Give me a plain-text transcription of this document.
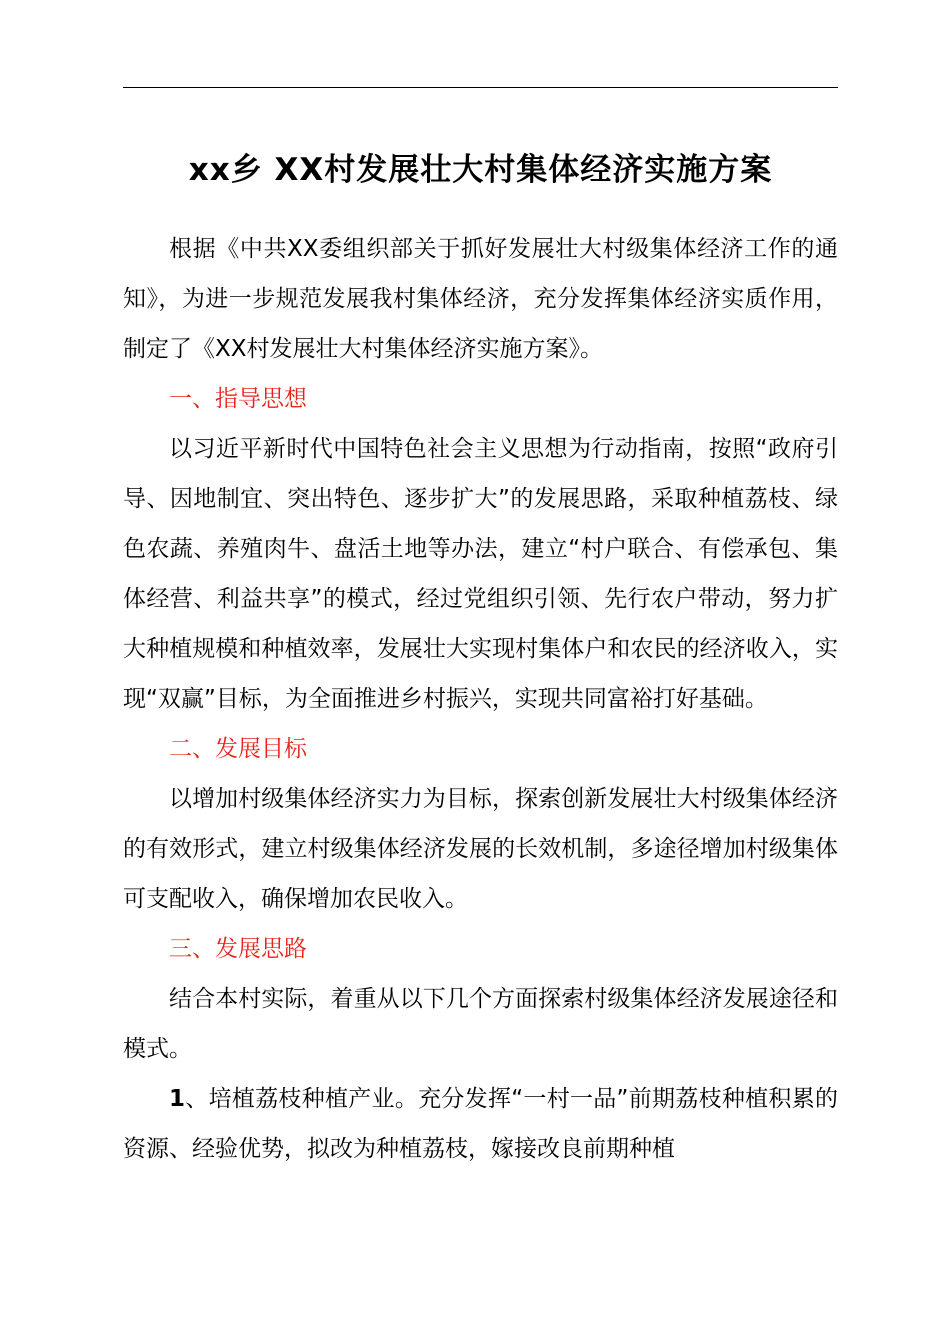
xx乡 XX村发展壮大村集体经济实施方案

根据《中共XX委组织部关于抓好发展壮大村级集体经济工作的通知》，为进一步规范发展我村集体经济，充分发挥集体经济实质作用，制定了《XX村发展壮大村集体经济实施方案》。

一、指导思想

以习近平新时代中国特色社会主义思想为行动指南，按照“政府引导、因地制宜、突出特色、逐步扩大”的发展思路，采取种植荔枝、绿色农蔬、养殖肉牛、盘活土地等办法，建立“村户联合、有偿承包、集体经营、利益共享”的模式，经过党组织引领、先行农户带动，努力扩大种植规模和种植效率，发展壮大实现村集体户和农民的经济收入，实现“双赢”目标，为全面推进乡村振兴，实现共同富裕打好基础。

二、发展目标

以增加村级集体经济实力为目标，探索创新发展壮大村级集体经济的有效形式，建立村级集体经济发展的长效机制，多途径增加村级集体可支配收入，确保增加农民收入。

三、发展思路

结合本村实际，着重从以下几个方面探索村级集体经济发展途径和模式。

1、培植荔枝种植产业。充分发挥“一村一品”前期荔枝种植积累的资源、经验优势，拟改为种植荔枝，嫁接改良前期种植
